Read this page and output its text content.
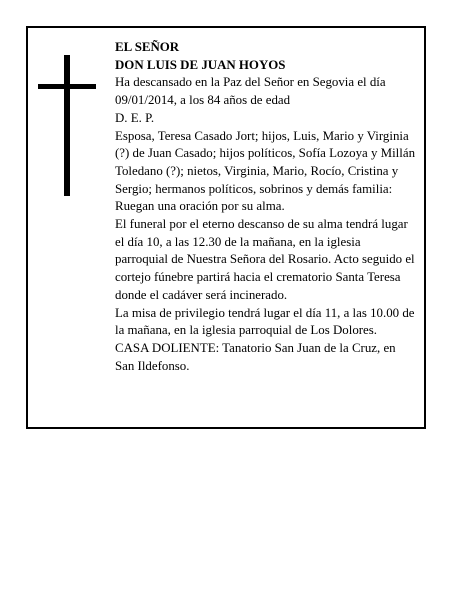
EL SEÑOR

DON LUIS DE JUAN HOYOS

Ha descansado en la Paz del Señor en Segovia el día 09/01/2014, a los 84 años de edad

D. E. P.

Esposa, Teresa Casado Jort; hijos, Luis, Mario y Virginia (?) de Juan Casado; hijos políticos, Sofía Lozoya y Millán Toledano (?); nietos, Virginia, Mario, Rocío, Cristina y Sergio; hermanos políticos, sobrinos y demás familia:

Ruegan una oración por su alma.

El funeral por el eterno descanso de su alma tendrá lugar el día 10, a las 12.30 de la mañana, en la iglesia parroquial de Nuestra Señora del Rosario. Acto seguido el cortejo fúnebre partirá hacia el crematorio Santa Teresa donde el cadáver será incinerado.

La misa de privilegio tendrá lugar el día 11, a las 10.00 de la mañana, en la iglesia parroquial de Los Dolores.

CASA DOLIENTE: Tanatorio San Juan de la Cruz, en San Ildefonso.
